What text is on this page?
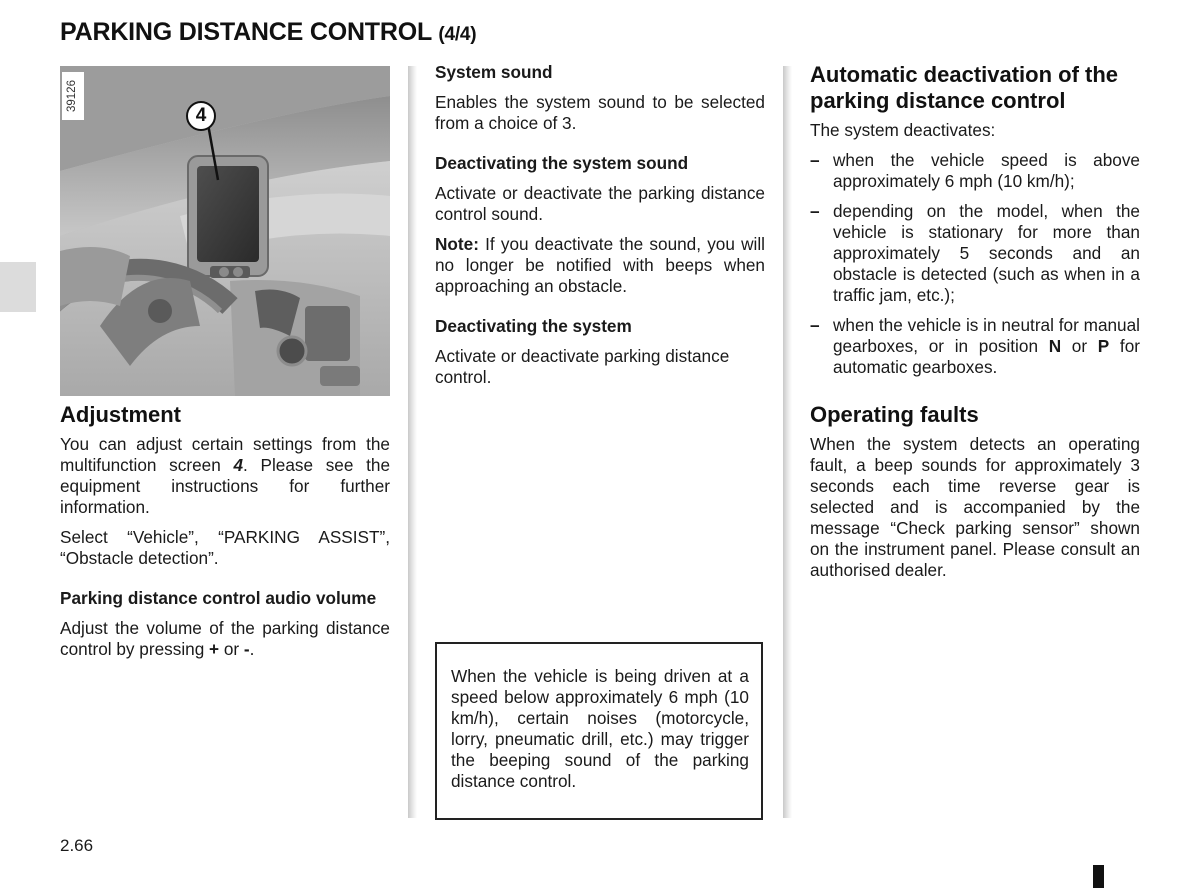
PARKING DISTANCE CONTROL (4/4)
39126
4
Adjustment

You can adjust certain settings from the multifunction screen 4. Please see the equipment instructions for further information.

Select “Vehicle”, “PARKING ASSIST”, “Obstacle detection”.

Parking distance control audio volume

Adjust the volume of the parking distance control by pressing + or -.

System sound

Enables the system sound to be selected from a choice of 3.

Deactivating the system sound

Activate or deactivate the parking distance control sound.

Note: If you deactivate the sound, you will no longer be notified with beeps when approaching an obstacle.

Deactivating the system

Activate or deactivate parking distance control.

When the vehicle is being driven at a speed below approximately 6 mph (10 km/h), certain noises (motorcycle, lorry, pneumatic drill, etc.) may trigger the beeping sound of the parking distance control.
Automatic deactivation of the parking distance control

The system deactivates:

– when the vehicle speed is above approximately 6 mph (10 km/h);
– depending on the model, when the vehicle is stationary for more than approximately 5 seconds and an obstacle is detected (such as when in a traffic jam, etc.);
– when the vehicle is in neutral for manual gearboxes, or in position N or P for automatic gearboxes.
Operating faults

When the system detects an operating fault, a beep sounds for approximately 3 seconds each time reverse gear is selected and is accompanied by the message “Check parking sensor” shown on the instrument panel. Please consult an authorised dealer.

2.66
